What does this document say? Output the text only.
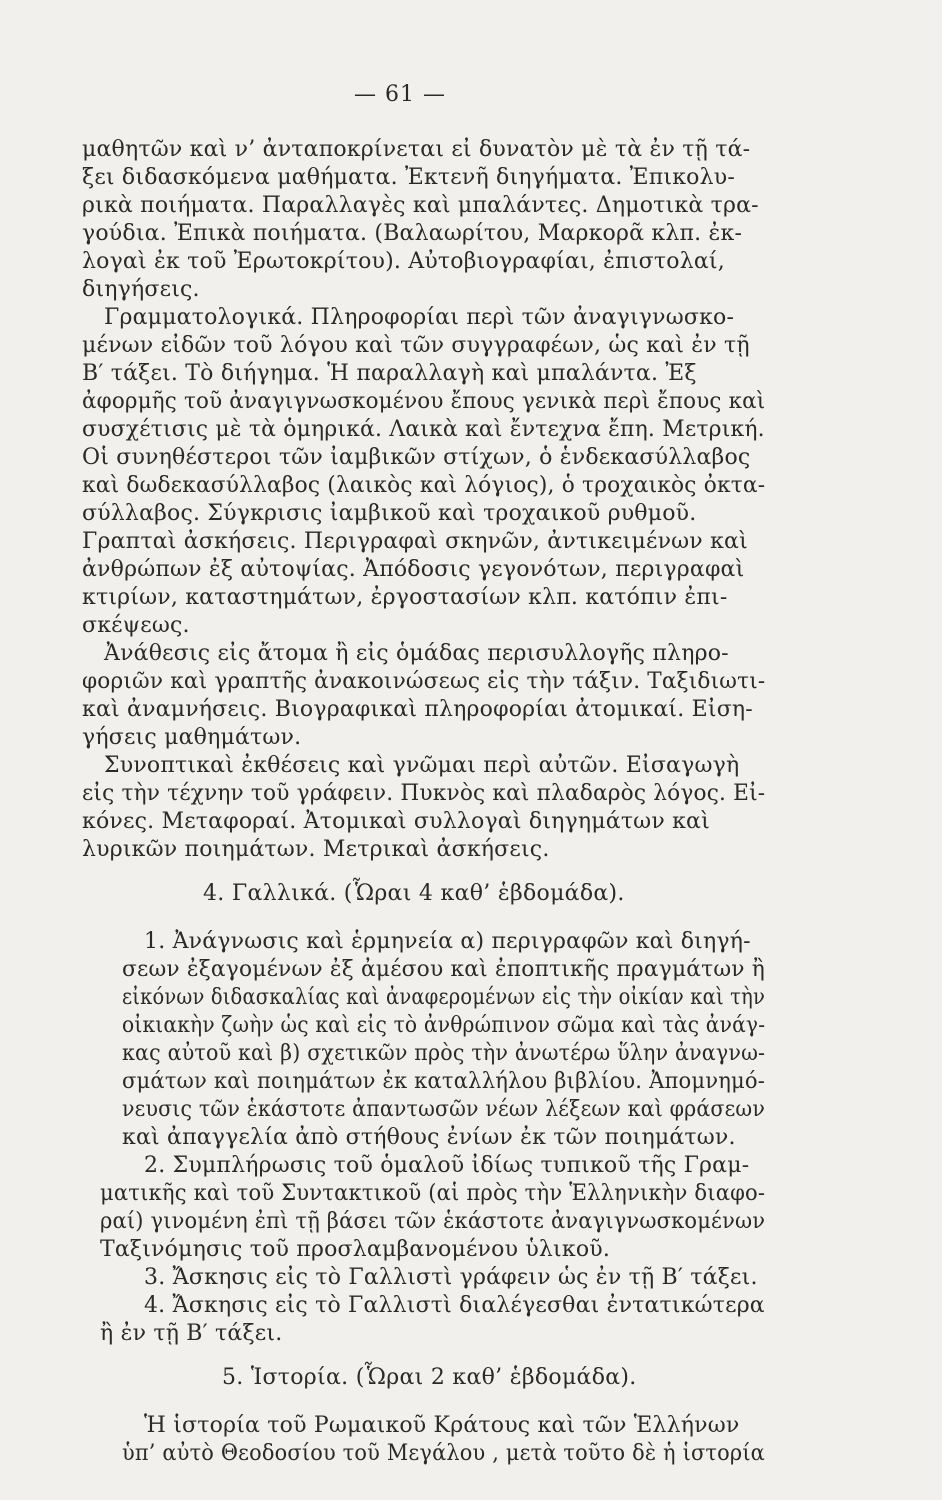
— 61 —
μαθητῶν καὶ ν’ ἀνταποκρίνεται εἰ δυνατὸν μὲ τὰ ἐν τῇ τά-
ξει διδασκόμενα μαθήματα. Ἐκτενῆ διηγήματα. Ἐπικολυ-
ρικὰ ποιήματα. Παραλλαγὲς καὶ μπαλάντες. Δημοτικὰ τρα-
γούδια. Ἐπικὰ ποιήματα. (Βαλαωρίτου, Μαρκορᾶ κλπ. ἐκ-
λογαὶ ἐκ τοῦ Ἐρωτοκρίτου). Αὐτοβιογραφίαι, ἐπιστολαί,
διηγήσεις.
Γραμματολογικά. Πληροφορίαι περὶ τῶν ἀναγιγνωσκο-
μένων εἰδῶν τοῦ λόγου καὶ τῶν συγγραφέων, ὡς καὶ ἐν τῇ
Β′ τάξει. Τὸ διήγημα. Ἡ παραλλαγὴ καὶ μπαλάντα. Ἐξ
ἀφορμῆς τοῦ ἀναγιγνωσκομένου ἔπους γενικὰ περὶ ἔπους καὶ
συσχέτισις μὲ τὰ ὁμηρικά. Λαικὰ καὶ ἔντεχνα ἔπη. Μετρική.
Οἱ συνηθέστεροι τῶν ἰαμβικῶν στίχων, ὁ ἑνδεκασύλλαβος
καὶ δωδεκασύλλαβος (λαικὸς καὶ λόγιος), ὁ τροχαικὸς ὀκτα-
σύλλαβος. Σύγκρισις ἰαμβικοῦ καὶ τροχαικοῦ ρυθμοῦ.
Γραπταὶ ἀσκήσεις. Περιγραφαὶ σκηνῶν, ἀντικειμένων καὶ
ἀνθρώπων ἐξ αὐτοψίας. Ἀπόδοσις γεγονότων, περιγραφαὶ
κτιρίων, καταστημάτων, ἐργοστασίων κλπ. κατόπιν ἐπι-
σκέψεως.
Ἀνάθεσις εἰς ἄτομα ἢ εἰς ὁμάδας περισυλλογῆς πληρο-
φοριῶν καὶ γραπτῆς ἀνακοινώσεως εἰς τὴν τάξιν. Ταξιδιωτι-
καὶ ἀναμνήσεις. Βιογραφικαὶ πληροφορίαι ἀτομικαί. Εἰση-
γήσεις μαθημάτων.
Συνοπτικαὶ ἐκθέσεις καὶ γνῶμαι περὶ αὐτῶν. Εἰσαγωγὴ
εἰς τὴν τέχνην τοῦ γράφειν. Πυκνὸς καὶ πλαδαρὸς λόγος. Εἰ-
κόνες. Μεταφοραί. Ἀτομικαὶ συλλογαὶ διηγημάτων καὶ
λυρικῶν ποιημάτων. Μετρικαὶ ἀσκήσεις.
4. Γαλλικά. (Ὧραι 4 καθ’ ἑβδομάδα).
1. Ἀνάγνωσις καὶ ἑρμηνεία α) περιγραφῶν καὶ διηγή-
σεων ἐξαγομένων ἐξ ἀμέσου καὶ ἐποπτικῆς πραγμάτων ἢ
εἰκόνων διδασκαλίας καὶ ἀναφερομένων εἰς τὴν οἰκίαν καὶ τὴν
οἰκιακὴν ζωὴν ὡς καὶ εἰς τὸ ἀνθρώπινον σῶμα καὶ τὰς ἀνάγ-
κας αὐτοῦ καὶ β) σχετικῶν πρὸς τὴν ἀνωτέρω ὕλην ἀναγνω-
σμάτων καὶ ποιημάτων ἐκ καταλλήλου βιβλίου. Ἀπομνημό-
νευσις τῶν ἑκάστοτε ἀπαντωσῶν νέων λέξεων καὶ φράσεων
καὶ ἀπαγγελία ἀπὸ στήθους ἐνίων ἐκ τῶν ποιημάτων.
2. Συμπλήρωσις τοῦ ὁμαλοῦ ἰδίως τυπικοῦ τῆς Γραμ-
ματικῆς καὶ τοῦ Συντακτικοῦ (αἱ πρὸς τὴν Ἑλληνικὴν διαφο-
ραί) γινομένη ἐπὶ τῇ βάσει τῶν ἑκάστοτε ἀναγιγνωσκομένων
Ταξινόμησις τοῦ προσλαμβανομένου ὑλικοῦ.
3. Ἄσκησις εἰς τὸ Γαλλιστὶ γράφειν ὡς ἐν τῇ Β′ τάξει.
4. Ἄσκησις εἰς τὸ Γαλλιστὶ διαλέγεσθαι ἐντατικώτερα
ἢ ἐν τῇ Β′ τάξει.
5. Ἱστορία. (Ὧραι 2 καθ’ ἑβδομάδα).
Ἡ ἱστορία τοῦ Ρωμαικοῦ Κράτους καὶ τῶν Ἑλλήνων
ὑπ’ αὐτὸ Θεοδοσίου τοῦ Μεγάλου , μετὰ τοῦτο δὲ ἡ ἱστορία
